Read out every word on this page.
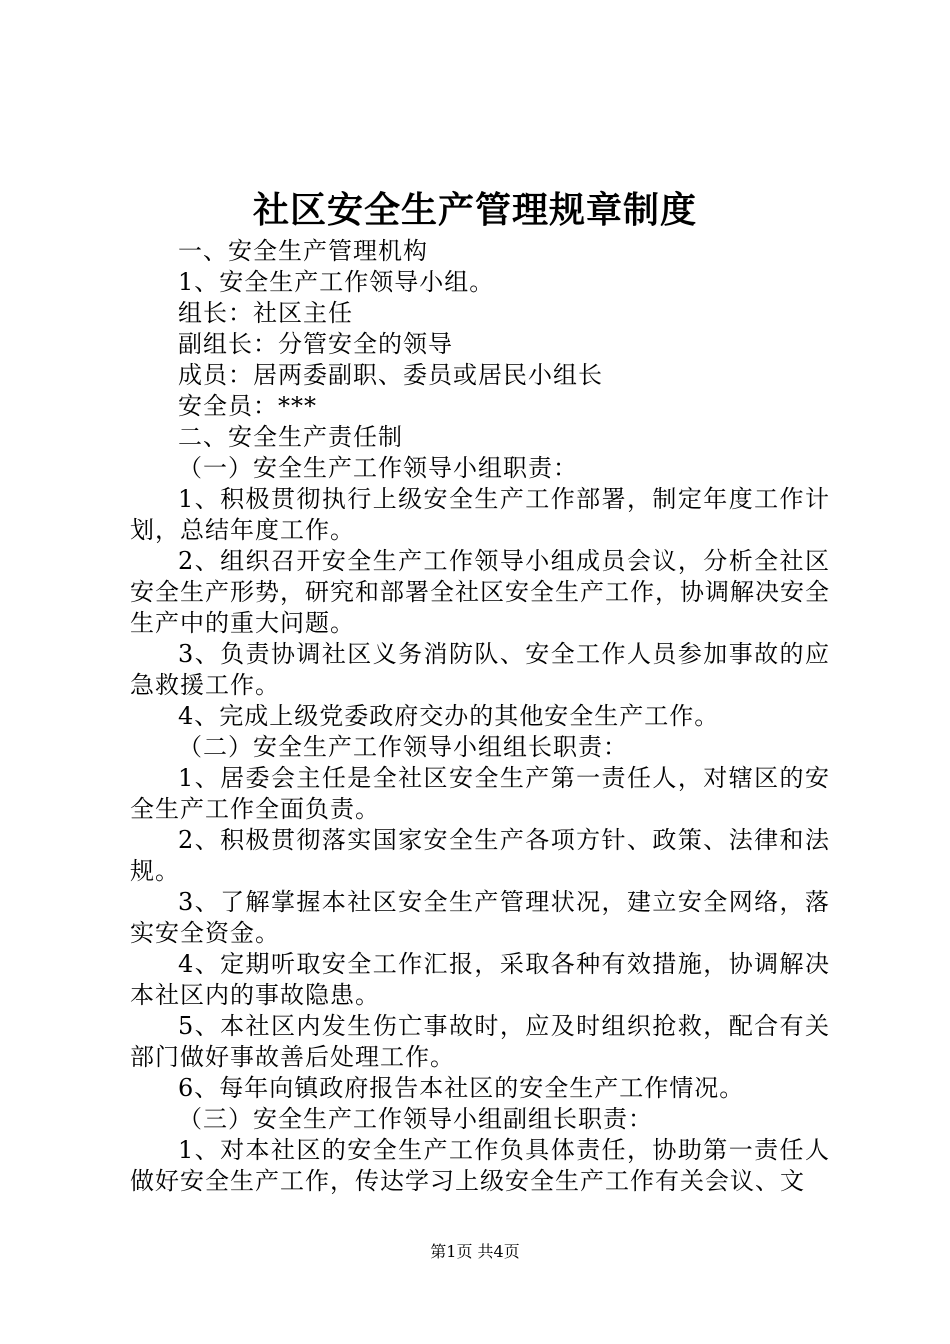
社区安全生产管理规章制度

一、安全生产管理机构

1、安全生产工作领导小组。

组长：社区主任

副组长：分管安全的领导

成员：居两委副职、委员或居民小组长

安全员：***

二、安全生产责任制

（一）安全生产工作领导小组职责：

1、积极贯彻执行上级安全生产工作部署，制定年度工作计划，总结年度工作。

2、组织召开安全生产工作领导小组成员会议，分析全社区安全生产形势，研究和部署全社区安全生产工作，协调解决安全生产中的重大问题。

3、负责协调社区义务消防队、安全工作人员参加事故的应急救援工作。

4、完成上级党委政府交办的其他安全生产工作。

（二）安全生产工作领导小组组长职责：

1、居委会主任是全社区安全生产第一责任人，对辖区的安全生产工作全面负责。

2、积极贯彻落实国家安全生产各项方针、政策、法律和法规。

3、了解掌握本社区安全生产管理状况，建立安全网络，落实安全资金。

4、定期听取安全工作汇报，采取各种有效措施，协调解决本社区内的事故隐患。

5、本社区内发生伤亡事故时，应及时组织抢救，配合有关部门做好事故善后处理工作。

6、每年向镇政府报告本社区的安全生产工作情况。

（三）安全生产工作领导小组副组长职责：

1、对本社区的安全生产工作负具体责任，协助第一责任人做好安全生产工作，传达学习上级安全生产工作有关会议、文

第1页 共4页
